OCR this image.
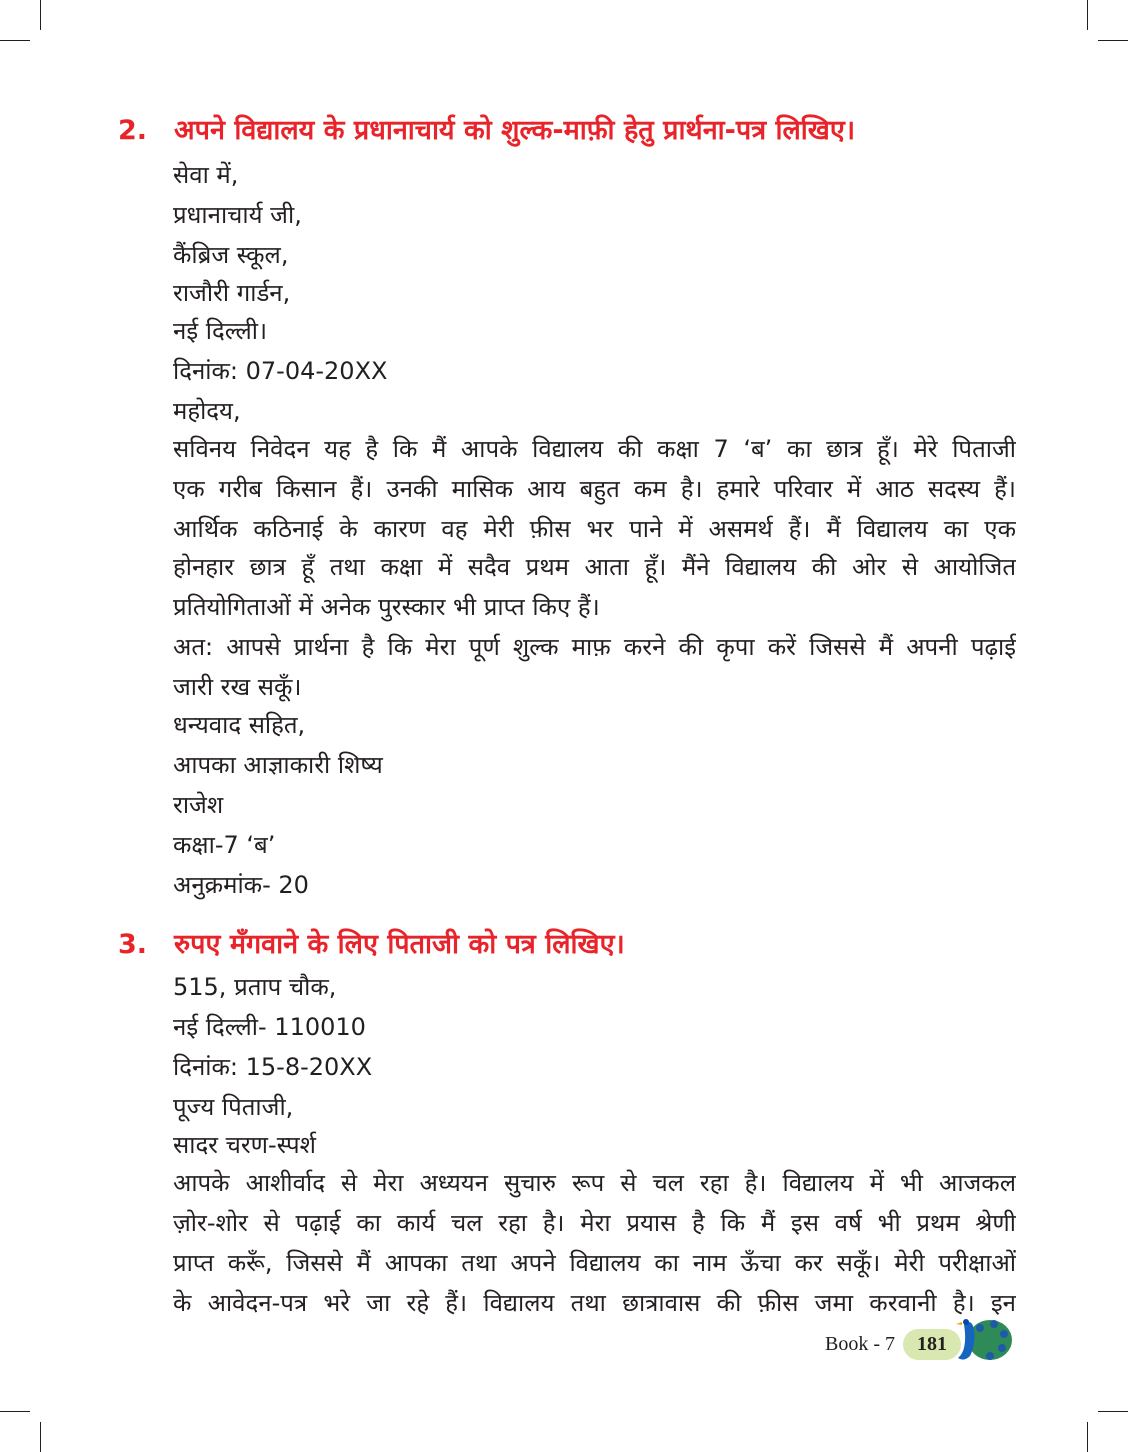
2. अपने विद्यालय के प्रधानाचार्य को शुल्क-माफ़ी हेतु प्रार्थना-पत्र लिखिए।
सेवा में,
प्रधानाचार्य जी,
कैंब्रिज स्कूल,
राजौरी गार्डन,
नई दिल्ली।
दिनांक: 07-04-20XX
महोदय,
सविनय निवेदन यह है कि मैं आपके विद्यालय की कक्षा 7 ‘ब’ का छात्र हूँ। मेरे पिताजी
एक गरीब किसान हैं। उनकी मासिक आय बहुत कम है। हमारे परिवार में आठ सदस्य हैं।
आर्थिक कठिनाई के कारण वह मेरी फ़ीस भर पाने में असमर्थ हैं। मैं विद्यालय का एक
होनहार छात्र हूँ तथा कक्षा में सदैव प्रथम आता हूँ। मैंने विद्यालय की ओर से आयोजित
प्रतियोगिताओं में अनेक पुरस्कार भी प्राप्त किए हैं।
अत: आपसे प्रार्थना है कि मेरा पूर्ण शुल्क माफ़ करने की कृपा करें जिससे मैं अपनी पढ़ाई
जारी रख सकूँ।
धन्यवाद सहित,
आपका आज्ञाकारी शिष्य
राजेश
कक्षा-7 ‘ब’
अनुक्रमांक- 20
3. रुपए मँगवाने के लिए पिताजी को पत्र लिखिए।
515, प्रताप चौक,
नई दिल्ली- 110010
दिनांक: 15-8-20XX
पूज्य पिताजी,
सादर चरण-स्पर्श
आपके आशीर्वाद से मेरा अध्ययन सुचारु रूप से चल रहा है। विद्यालय में भी आजकल
ज़ोर-शोर से पढ़ाई का कार्य चल रहा है। मेरा प्रयास है कि मैं इस वर्ष भी प्रथम श्रेणी
प्राप्त करूँ, जिससे मैं आपका तथा अपने विद्यालय का नाम ऊँचा कर सकूँ। मेरी परीक्षाओं
के आवेदन-पत्र भरे जा रहे हैं। विद्यालय तथा छात्रावास की फ़ीस जमा करवानी है। इन
Book - 7	181
